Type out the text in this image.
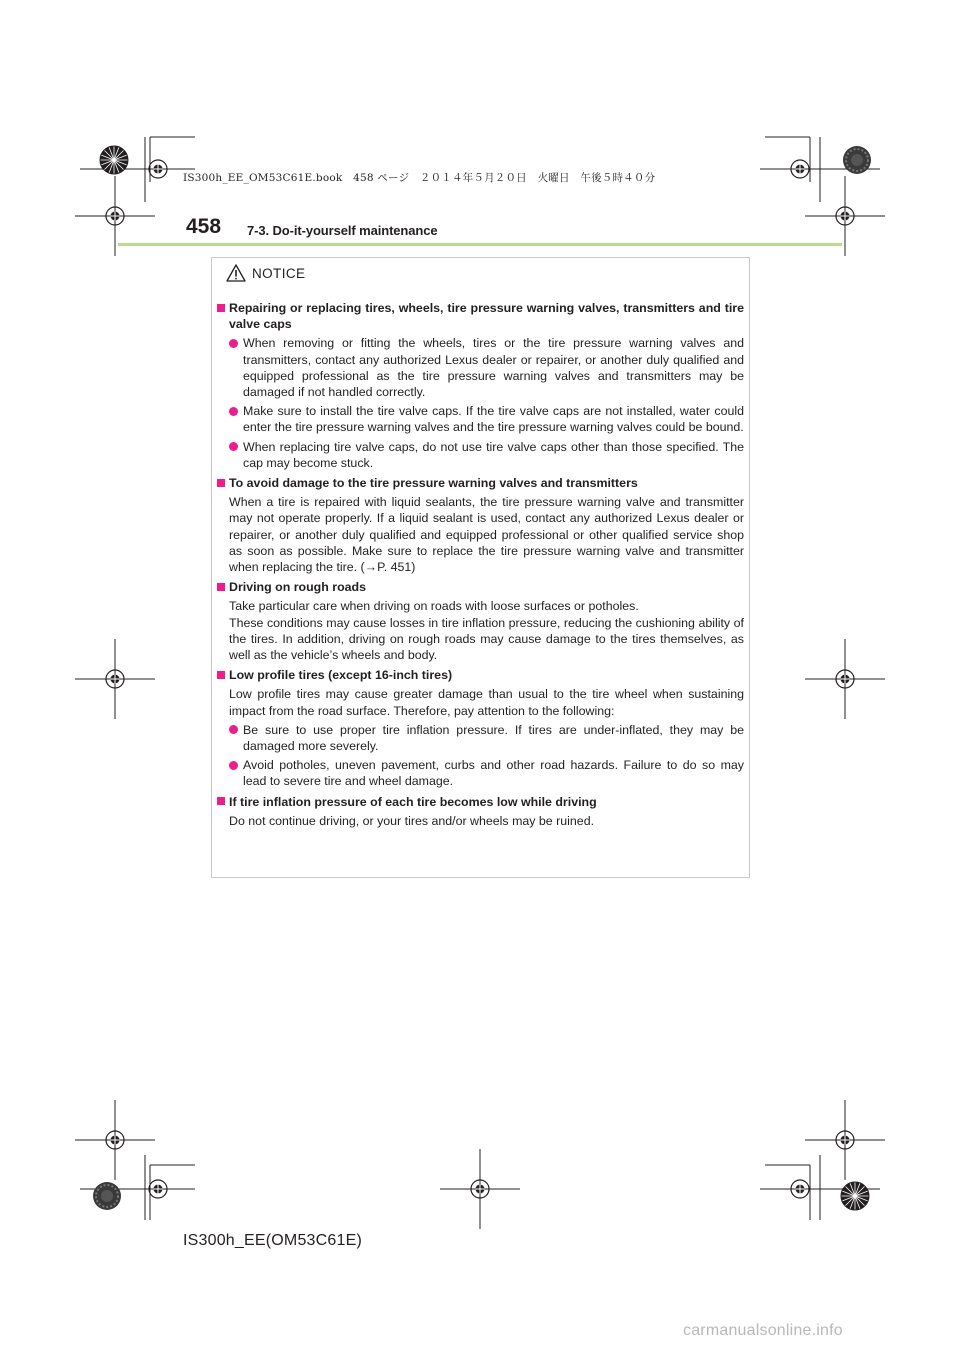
IS300h_EE_OM53C61E.book　458 ページ　２０１４年５月２０日　火曜日　午後５時４０分
458 7-3. Do-it-yourself maintenance
NOTICE
Repairing or replacing tires, wheels, tire pressure warning valves, transmitters and tire valve caps
When removing or fitting the wheels, tires or the tire pressure warning valves and transmitters, contact any authorized Lexus dealer or repairer, or another duly qualified and equipped professional as the tire pressure warning valves and transmitters may be damaged if not handled correctly.
Make sure to install the tire valve caps. If the tire valve caps are not installed, water could enter the tire pressure warning valves and the tire pressure warning valves could be bound.
When replacing tire valve caps, do not use tire valve caps other than those specified. The cap may become stuck.
To avoid damage to the tire pressure warning valves and transmitters
When a tire is repaired with liquid sealants, the tire pressure warning valve and transmitter may not operate properly. If a liquid sealant is used, contact any authorized Lexus dealer or repairer, or another duly qualified and equipped professional or other qualified service shop as soon as possible. Make sure to replace the tire pressure warning valve and transmitter when replacing the tire. (→P. 451)
Driving on rough roads
Take particular care when driving on roads with loose surfaces or potholes.
These conditions may cause losses in tire inflation pressure, reducing the cushioning ability of the tires. In addition, driving on rough roads may cause damage to the tires themselves, as well as the vehicle’s wheels and body.
Low profile tires (except 16-inch tires)
Low profile tires may cause greater damage than usual to the tire wheel when sustaining impact from the road surface. Therefore, pay attention to the following:
Be sure to use proper tire inflation pressure. If tires are under-inflated, they may be damaged more severely.
Avoid potholes, uneven pavement, curbs and other road hazards. Failure to do so may lead to severe tire and wheel damage.
If tire inflation pressure of each tire becomes low while driving
Do not continue driving, or your tires and/or wheels may be ruined.
IS300h_EE(OM53C61E)
carmanualsonline.info
